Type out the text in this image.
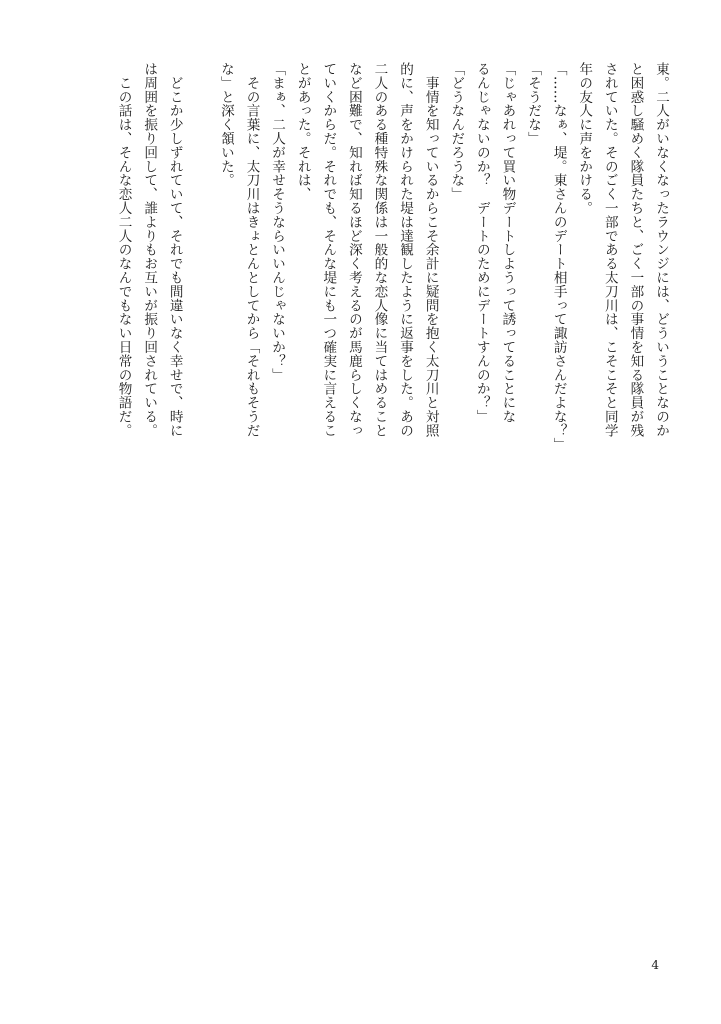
東。二人がいなくなったラウンジには、どういうことなのか
と困惑し騒めく隊員たちと、ごく一部の事情を知る隊員が残
されていた。そのごく一部である太刀川は、こそこそと同学
年の友人に声をかける。
「……なぁ、堤。東さんのデート相手って諏訪さんだよな？」
「そうだな」
「じゃあれって買い物デートしようって誘ってることにな
るんじゃないのか？　デートのためにデートすんのか？」
「どうなんだろうな」
　事情を知っているからこそ余計に疑問を抱く太刀川と対照
的に、声をかけられた堤は達観したように返事をした。あの
二人のある種特殊な関係は一般的な恋人像に当てはめること
など困難で、知れば知るほど深く考えるのが馬鹿らしくなっ
ていくからだ。それでも、そんな堤にも一つ確実に言えるこ
とがあった。それは、
「まぁ、二人が幸せそうならいいんじゃないか？」
　その言葉に、太刀川はきょとんとしてから「それもそうだ
な」と深く頷いた。
　どこか少しずれていて、それでも間違いなく幸せで、時に
は周囲を振り回して、誰よりもお互いが振り回されている。
　この話は、そんな恋人二人のなんでもない日常の物語だ。
4
